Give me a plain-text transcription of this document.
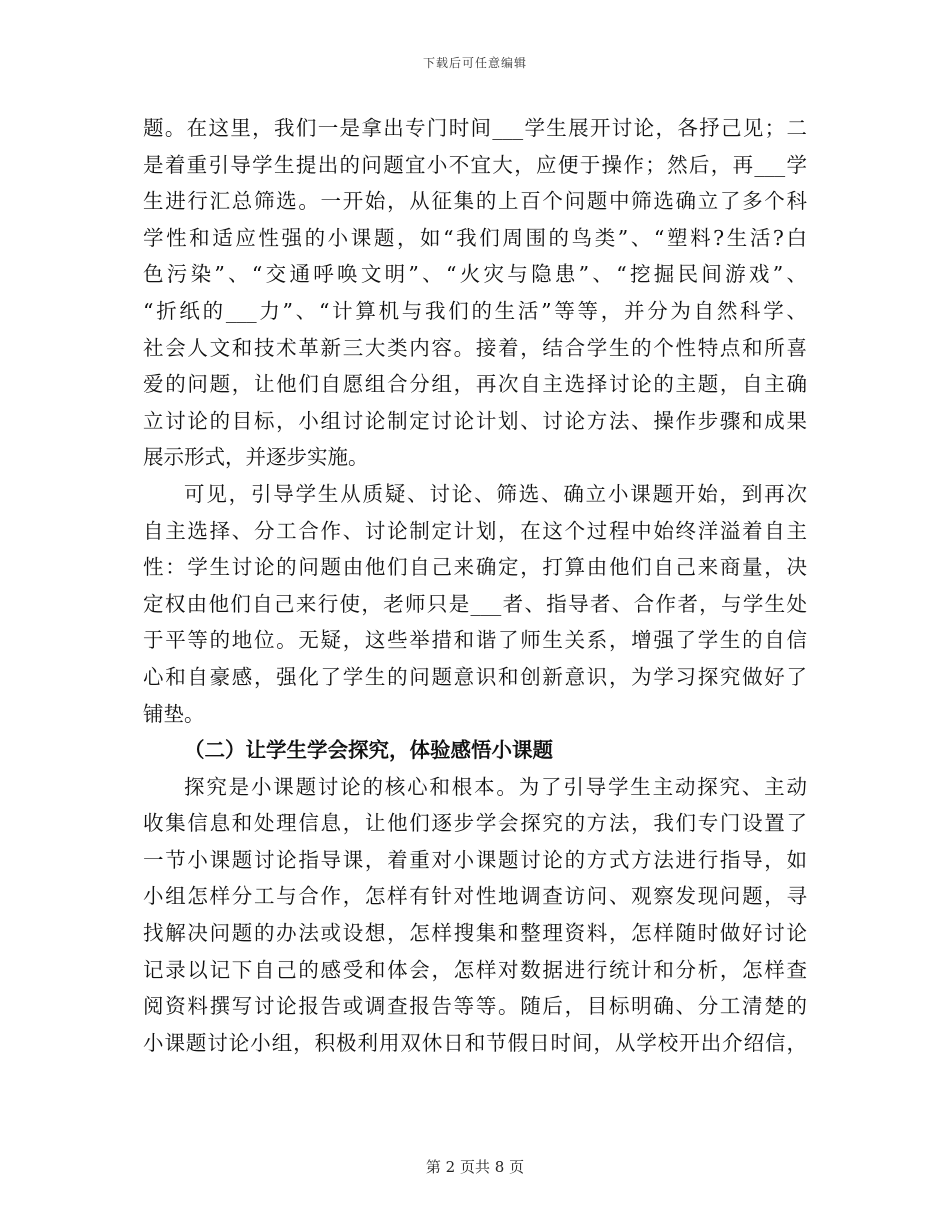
下载后可任意编辑
题。在这里，我们一是拿出专门时间___学生展开讨论，各抒己见；二
是着重引导学生提出的问题宜小不宜大，应便于操作；然后，再___学
生进行汇总筛选。一开始，从征集的上百个问题中筛选确立了多个科
学性和适应性强的小课题，如“我们周围的鸟类”、“塑料?生活?白
色污染”、“交通呼唤文明”、“火灾与隐患”、“挖掘民间游戏”、
“折纸的___力”、“计算机与我们的生活”等等，并分为自然科学、
社会人文和技术革新三大类内容。接着，结合学生的个性特点和所喜
爱的问题，让他们自愿组合分组，再次自主选择讨论的主题，自主确
立讨论的目标，小组讨论制定讨论计划、讨论方法、操作步骤和成果
展示形式，并逐步实施。
可见，引导学生从质疑、讨论、筛选、确立小课题开始，到再次
自主选择、分工合作、讨论制定计划，在这个过程中始终洋溢着自主
性：学生讨论的问题由他们自己来确定，打算由他们自己来商量，决
定权由他们自己来行使，老师只是___者、指导者、合作者，与学生处
于平等的地位。无疑，这些举措和谐了师生关系，增强了学生的自信
心和自豪感，强化了学生的问题意识和创新意识，为学习探究做好了
铺垫。
（二）让学生学会探究，体验感悟小课题
探究是小课题讨论的核心和根本。为了引导学生主动探究、主动
收集信息和处理信息，让他们逐步学会探究的方法，我们专门设置了
一节小课题讨论指导课，着重对小课题讨论的方式方法进行指导，如
小组怎样分工与合作，怎样有针对性地调查访问、观察发现问题，寻
找解决问题的办法或设想，怎样搜集和整理资料，怎样随时做好讨论
记录以记下自己的感受和体会，怎样对数据进行统计和分析，怎样查
阅资料撰写讨论报告或调查报告等等。随后，目标明确、分工清楚的
小课题讨论小组，积极利用双休日和节假日时间，从学校开出介绍信，
第 2 页共 8 页
